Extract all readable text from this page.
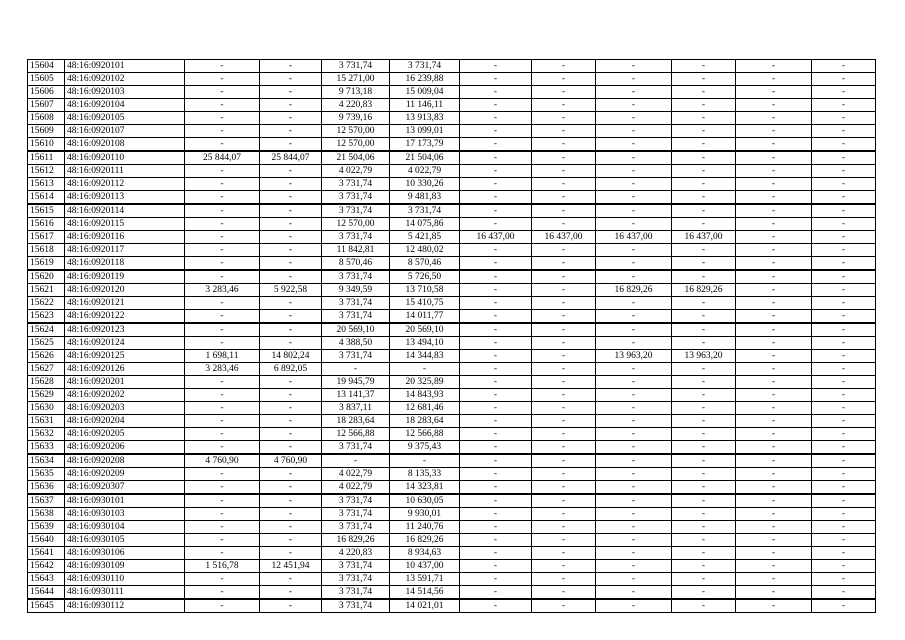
15604	48:16:0920101	-	-	3 731,74	3 731,74	-	-	-	-	-	-
15605	48:16:0920102	-	-	15 271,00	16 239,88	-	-	-	-	-	-
15606	48:16:0920103	-	-	9 713,18	15 009,04	-	-	-	-	-	-
15607	48:16:0920104	-	-	4 220,83	11 146,11	-	-	-	-	-	-
15608	48:16:0920105	-	-	9 739,16	13 913,83	-	-	-	-	-	-
15609	48:16:0920107	-	-	12 570,00	13 099,01	-	-	-	-	-	-
15610	48:16:0920108	-	-	12 570,00	17 173,79	-	-	-	-	-	-
15611	48:16:0920110	25 844,07	25 844,07	21 504,06	21 504,06	-	-	-	-	-	-
15612	48:16:0920111	-	-	4 022,79	4 022,79	-	-	-	-	-	-
15613	48:16:0920112	-	-	3 731,74	10 330,26	-	-	-	-	-	-
15614	48:16:0920113	-	-	3 731,74	9 481,83	-	-	-	-	-	-
15615	48:16:0920114	-	-	3 731,74	3 731,74	-	-	-	-	-	-
15616	48:16:0920115	-	-	12 570,00	14 075,86	-	-	-	-	-	-
15617	48:16:0920116	-	-	3 731,74	5 421,85	16 437,00	16 437,00	16 437,00	16 437,00	-	-
15618	48:16:0920117	-	-	11 842,81	12 480,02	-	-	-	-	-	-
15619	48:16:0920118	-	-	8 570,46	8 570,46	-	-	-	-	-	-
15620	48:16:0920119	-	-	3 731,74	5 726,50	-	-	-	-	-	-
15621	48:16:0920120	3 283,46	5 922,58	9 349,59	13 710,58	-	-	16 829,26	16 829,26	-	-
15622	48:16:0920121	-	-	3 731,74	15 410,75	-	-	-	-	-	-
15623	48:16:0920122	-	-	3 731,74	14 011,77	-	-	-	-	-	-
15624	48:16:0920123	-	-	20 569,10	20 569,10	-	-	-	-	-	-
15625	48:16:0920124	-	-	4 388,50	13 494,10	-	-	-	-	-	-
15626	48:16:0920125	1 698,11	14 802,24	3 731,74	14 344,83	-	-	13 963,20	13 963,20	-	-
15627	48:16:0920126	3 283,46	6 892,05	-	-	-	-	-	-	-	-
15628	48:16:0920201	-	-	19 945,79	20 325,89	-	-	-	-	-	-
15629	48:16:0920202	-	-	13 141,37	14 843,93	-	-	-	-	-	-
15630	48:16:0920203	-	-	3 837,11	12 681,46	-	-	-	-	-	-
15631	48:16:0920204	-	-	18 283,64	18 283,64	-	-	-	-	-	-
15632	48:16:0920205	-	-	12 566,88	12 566,88	-	-	-	-	-	-
15633	48:16:0920206	-	-	3 731,74	9 375,43	-	-	-	-	-	-
15634	48:16:0920208	4 760,90	4 760,90	-	-	-	-	-	-	-	-
15635	48:16:0920209	-	-	4 022,79	8 135,33	-	-	-	-	-	-
15636	48:16:0920307	-	-	4 022,79	14 323,81	-	-	-	-	-	-
15637	48:16:0930101	-	-	3 731,74	10 630,05	-	-	-	-	-	-
15638	48:16:0930103	-	-	3 731,74	9 930,01	-	-	-	-	-	-
15639	48:16:0930104	-	-	3 731,74	11 240,76	-	-	-	-	-	-
15640	48:16:0930105	-	-	16 829,26	16 829,26	-	-	-	-	-	-
15641	48:16:0930106	-	-	4 220,83	8 934,63	-	-	-	-	-	-
15642	48:16:0930109	1 516,78	12 451,94	3 731,74	10 437,00	-	-	-	-	-	-
15643	48:16:0930110	-	-	3 731,74	13 591,71	-	-	-	-	-	-
15644	48:16:0930111	-	-	3 731,74	14 514,56	-	-	-	-	-	-
15645	48:16:0930112	-	-	3 731,74	14 021,01	-	-	-	-	-	-
